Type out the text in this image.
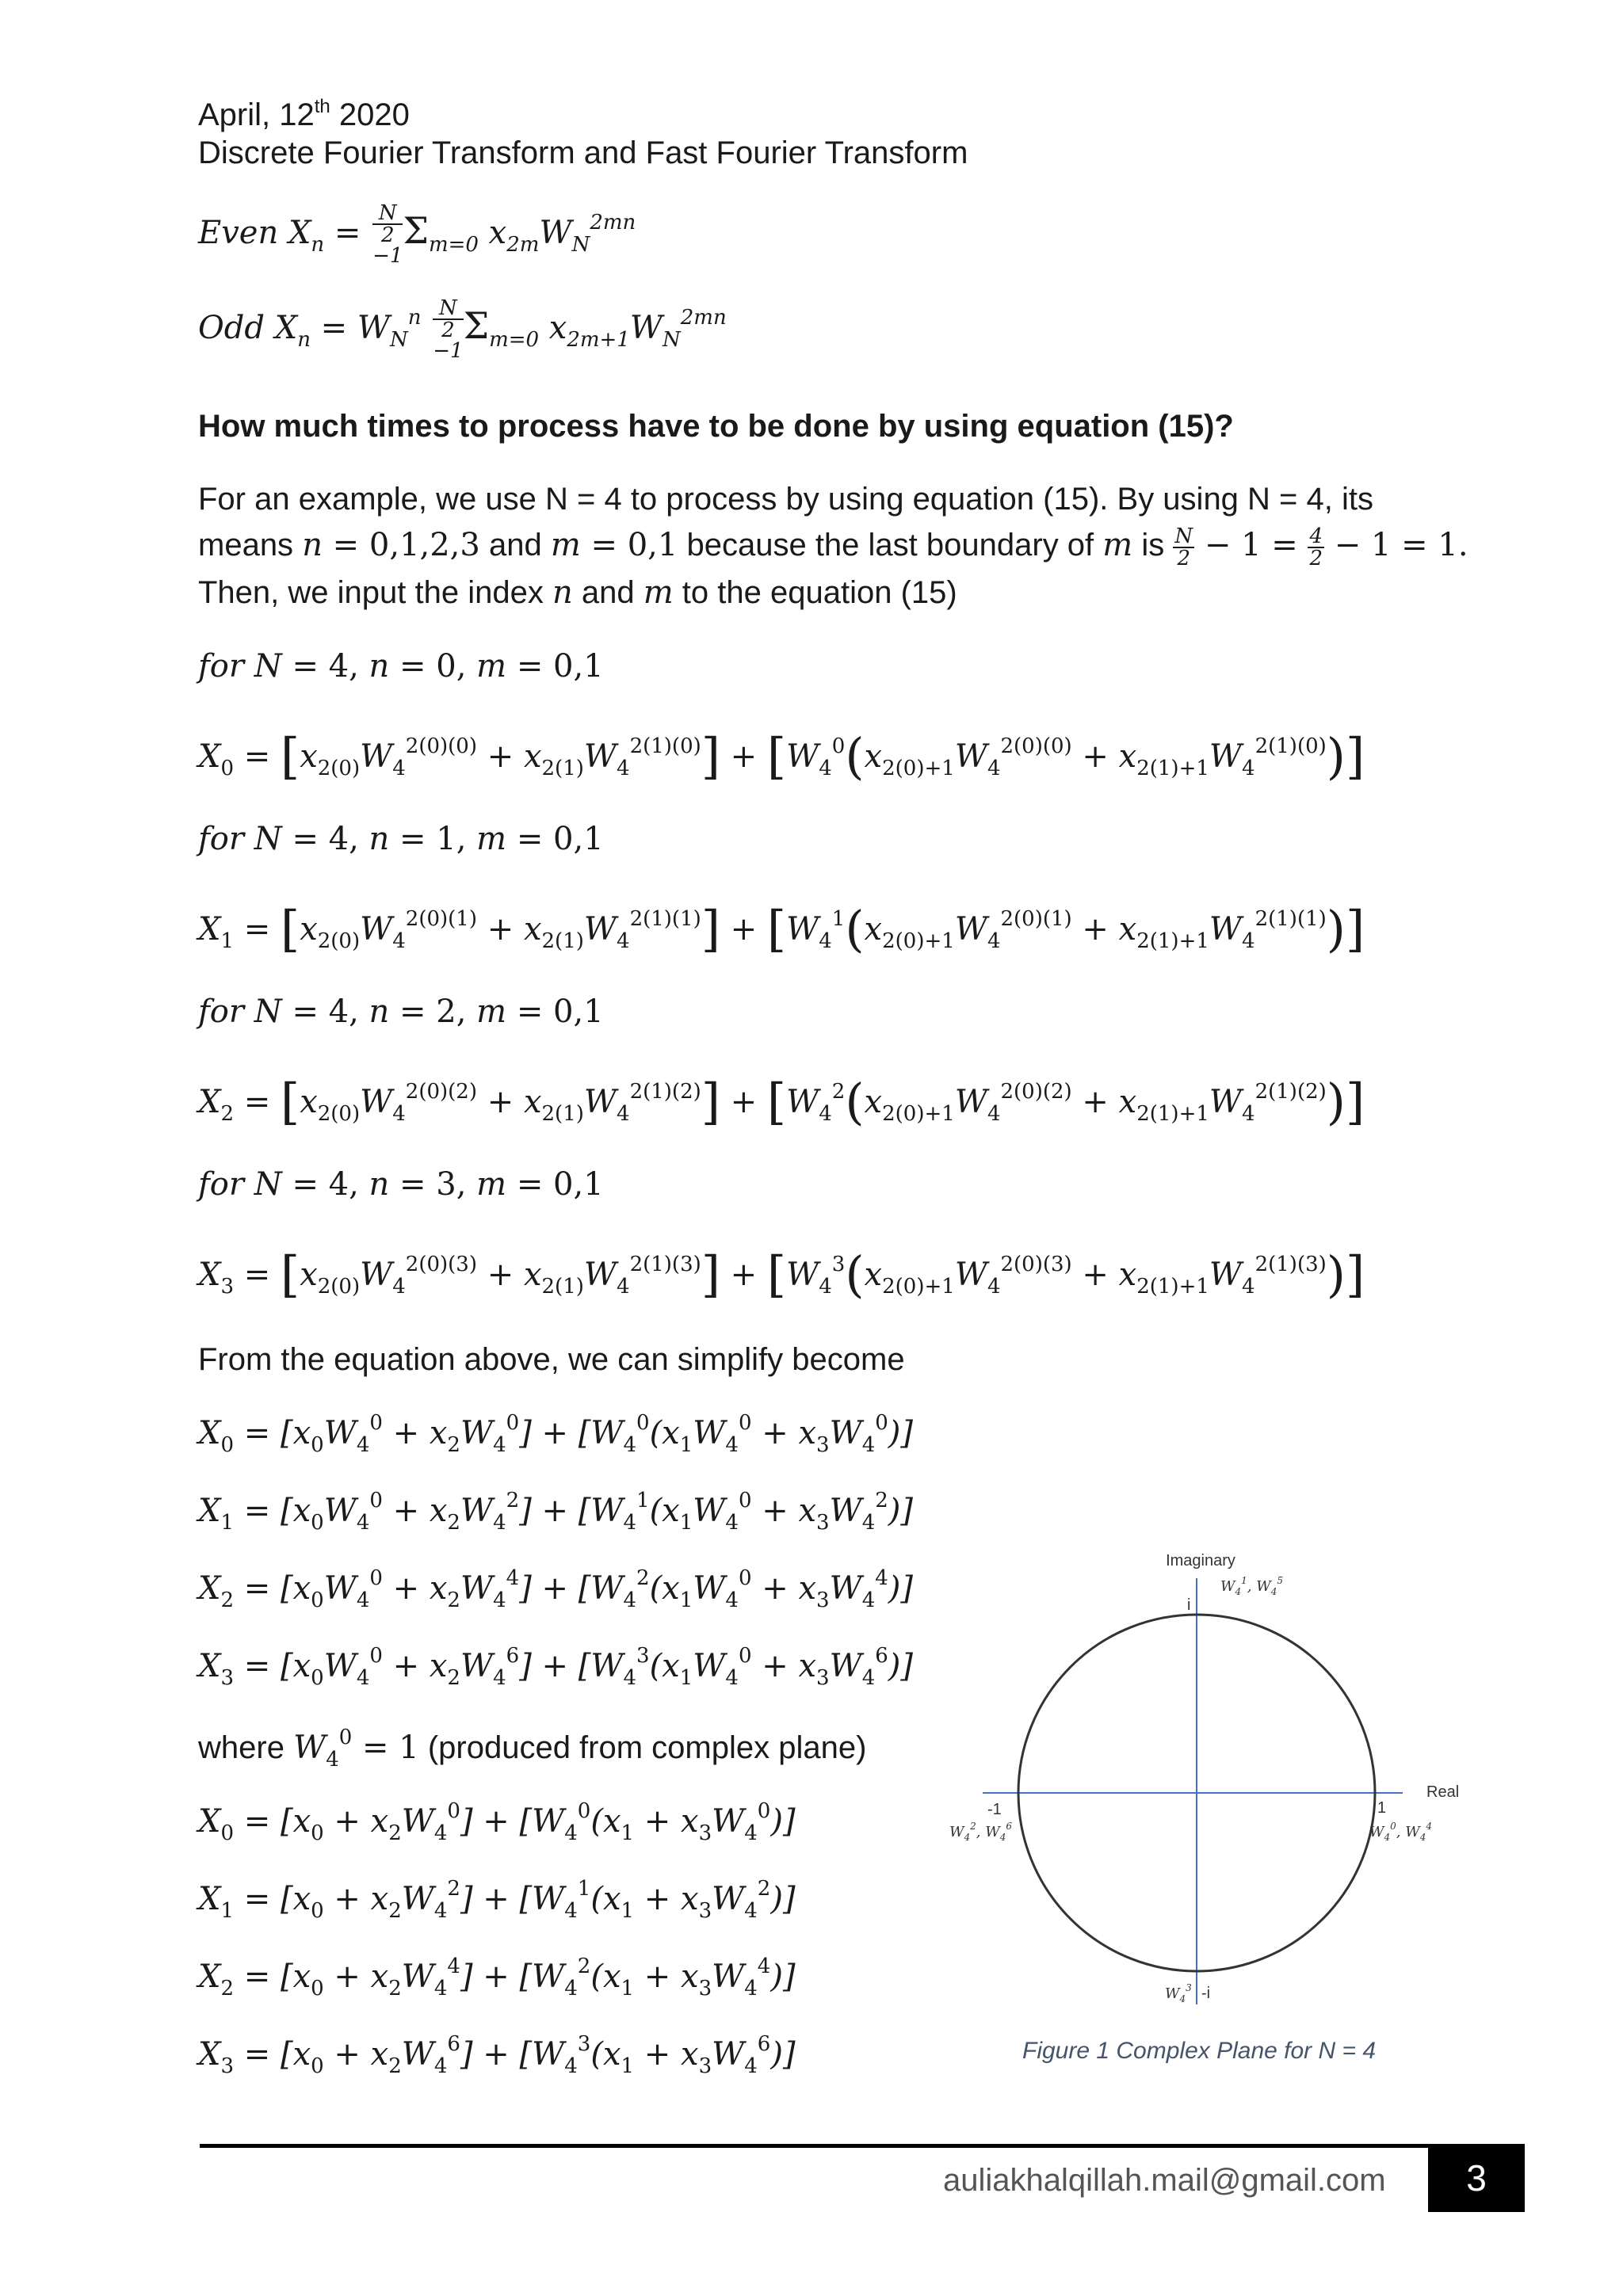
April, 12th 2020
Discrete Fourier Transform and Fast Fourier Transform
Even $X_n$ =
N
2
−1
$\Sigma_{m=0}$ $x_{2m}W_N^{2mn}$
Odd $X_n = W_N^n$ N
2
−1
$\Sigma_{m=0}$ $x_{2m+1}W_N^{2mn}$
How much times to process have to be done by using equation (15)?
For an example, we use N = 4 to process by using equation (15). By using N = 4, its
means n = 0,1,2,3 and m = 0,1 because the last boundary of m is $\frac{N}{2} - 1 = \frac{4}{2} - 1 = 1$.
Then, we input the index n and m to the equation (15)
for N = 4, n = 0, m = 0,1
$X_0 = [x_{2(0)}W_4^{2(0)(0)} + x_{2(1)}W_4^{2(1)(0)}] + [W_4^0(x_{2(0)+1}W_4^{2(0)(0)} + x_{2(1)+1}W_4^{2(1)(0)})]$
for N = 4, n = 1, m = 0,1
$X_1 = [x_{2(0)}W_4^{2(0)(1)} + x_{2(1)}W_4^{2(1)(1)}] + [W_4^1(x_{2(0)+1}W_4^{2(0)(1)} + x_{2(1)+1}W_4^{2(1)(1)})]$
for N = 4, n = 2, m = 0,1
$X_2 = [x_{2(0)}W_4^{2(0)(2)} + x_{2(1)}W_4^{2(1)(2)}] + [W_4^2(x_{2(0)+1}W_4^{2(0)(2)} + x_{2(1)+1}W_4^{2(1)(2)})]$
for N = 4, n = 3, m = 0,1
$X_3 = [x_{2(0)}W_4^{2(0)(3)} + x_{2(1)}W_4^{2(1)(3)}] + [W_4^3(x_{2(0)+1}W_4^{2(0)(3)} + x_{2(1)+1}W_4^{2(1)(3)})]$
From the equation above, we can simplify become
$X_0 = [x_0W_4^0 + x_2W_4^0] + [W_4^0(x_1W_4^0 + x_3W_4^0)]$
$X_1 = [x_0W_4^0 + x_2W_4^2] + [W_4^1(x_1W_4^0 + x_3W_4^2)]$
$X_2 = [x_0W_4^0 + x_2W_4^4] + [W_4^2(x_1W_4^0 + x_3W_4^4)]$
$X_3 = [x_0W_4^0 + x_2W_4^6] + [W_4^3(x_1W_4^0 + x_3W_4^6)]$
where $W_4^0 = 1$ (produced from complex plane)
$X_0 = [x_0 + x_2W_4^0] + [W_4^0(x_1 + x_3W_4^0)]$
$X_1 = [x_0 + x_2W_4^2] + [W_4^1(x_1 + x_3W_4^2)]$
$X_2 = [x_0 + x_2W_4^4] + [W_4^2(x_1 + x_3W_4^4)]$
$X_3 = [x_0 + x_2W_4^6] + [W_4^3(x_1 + x_3W_4^6)]$
Imaginary
i
$W_4^1$, $W_4^5$
Real
1
$W_4^0$, $W_4^4$
-1
$W_4^2$, $W_4^6$
$W_4^3$ -i
Figure 1 Complex Plane for N = 4
auliakhalqillah.mail@gmail.com	3
